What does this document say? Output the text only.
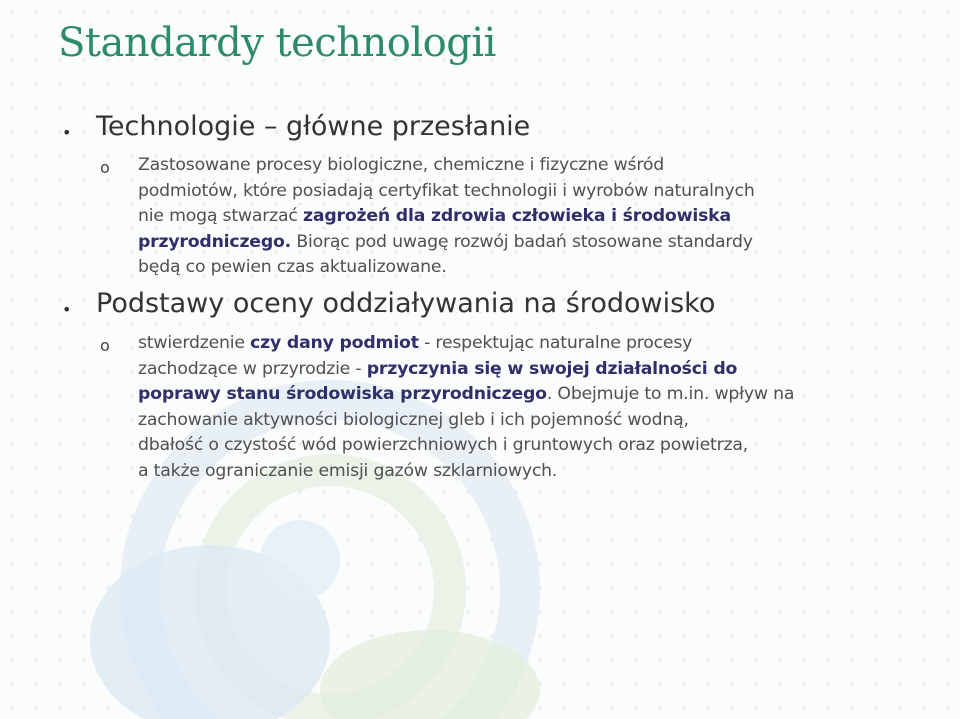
Standardy technologii
• Technologie – główne przesłanie
o Zastosowane procesy biologiczne, chemiczne i fizyczne wśród
podmiotów, które posiadają certyfikat technologii i wyrobów naturalnych
nie mogą stwarzać zagrożeń dla zdrowia człowieka i środowiska
przyrodniczego. Biorąc pod uwagę rozwój badań stosowane standardy
będą co pewien czas aktualizowane.
• Podstawy oceny oddziaływania na środowisko
o stwierdzenie czy dany podmiot - respektując naturalne procesy
zachodzące w przyrodzie - przyczynia się w swojej działalności do
poprawy stanu środowiska przyrodniczego. Obejmuje to m.in. wpływ na
zachowanie aktywności biologicznej gleb i ich pojemność wodną,
dbałość o czystość wód powierzchniowych i gruntowych oraz powietrza,
a także ograniczanie emisji gazów szklarniowych.
